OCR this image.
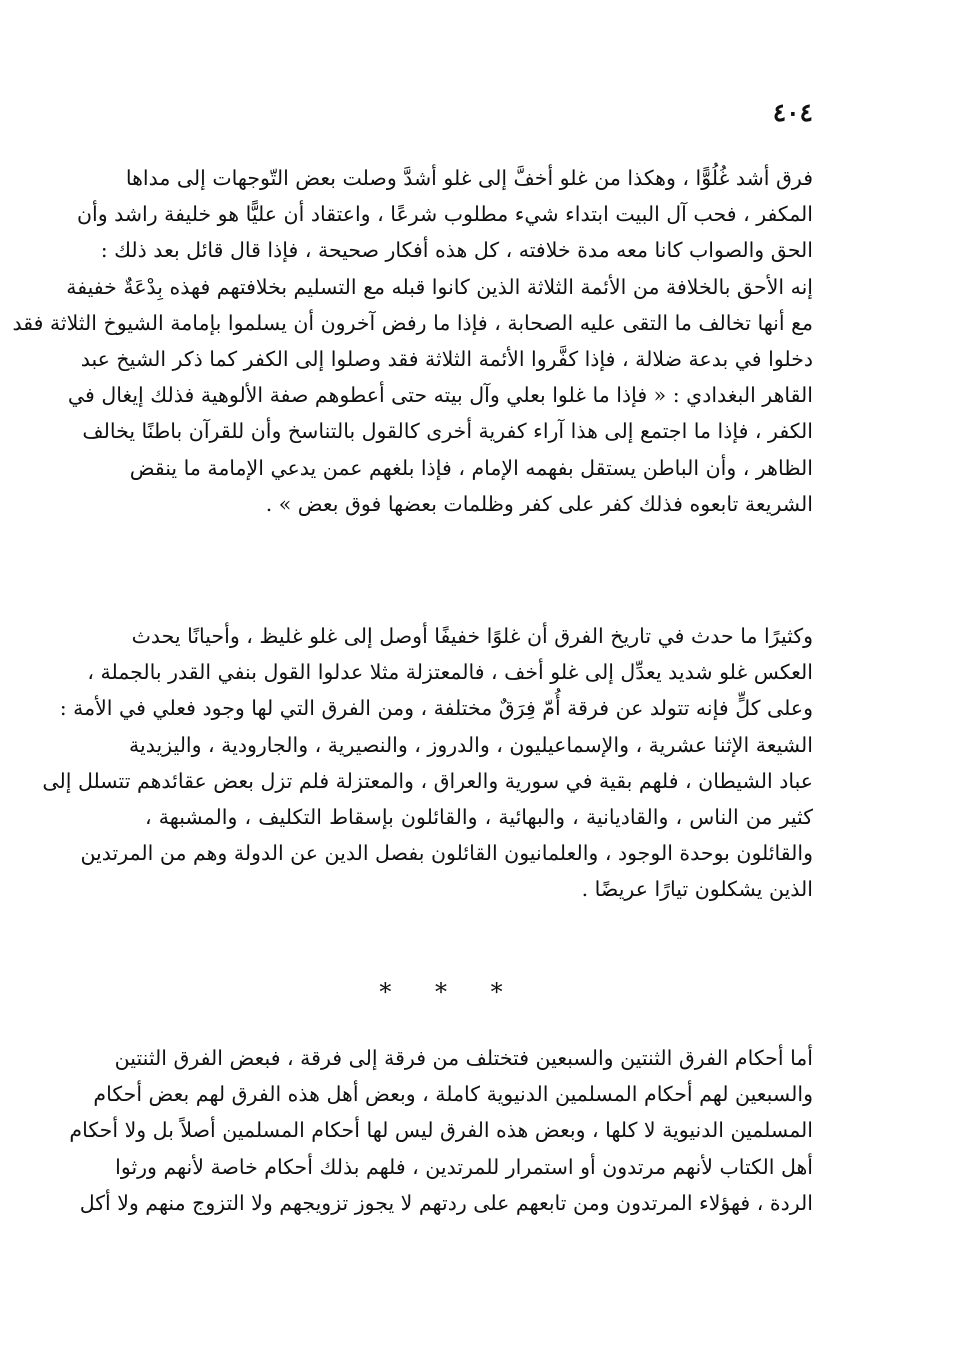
٤٠٤
فرق أشد غُلُوًّا ، وهكذا من غلو أخفَّ إلى غلو أشدَّ وصلت بعض التّوجهات إلى مداها
المكفر ، فحب آل البيت ابتداء شيء مطلوب شرعًا ، واعتقاد أن عليًّا هو خليفة راشد وأن
الحق والصواب كانا معه مدة خلافته ، كل هذه أفكار صحيحة ، فإذا قال قائل بعد ذلك :
إنه الأحق بالخلافة من الأئمة الثلاثة الذين كانوا قبله مع التسليم بخلافتهم فهذه بِدْعَةٌ خفيفة
مع أنها تخالف ما التقى عليه الصحابة ، فإذا ما رفض آخرون أن يسلموا بإمامة الشيوخ الثلاثة فقد
دخلوا في بدعة ضلالة ، فإذا كفَّروا الأئمة الثلاثة فقد وصلوا إلى الكفر كما ذكر الشيخ عبد
القاهر البغدادي : « فإذا ما غلوا بعلي وآل بيته حتى أعطوهم صفة الألوهية فذلك إيغال في
الكفر ، فإذا ما اجتمع إلى هذا آراء كفرية أخرى كالقول بالتناسخ وأن للقرآن باطنًا يخالف
الظاهر ، وأن الباطن يستقل بفهمه الإمام ، فإذا بلغهم عمن يدعي الإمامة ما ينقض
الشريعة تابعوه فذلك كفر على كفر وظلمات بعضها فوق بعض » .
وكثيرًا ما حدث في تاريخ الفرق أن غلوًا خفيفًا أوصل إلى غلو غليظ ، وأحيانًا يحدث
العكس غلو شديد يعدِّل إلى غلو أخف ، فالمعتزلة مثلا عدلوا القول بنفي القدر بالجملة ،
وعلى كلٍّ فإنه تتولد عن فرقة أُمّ فِرَقٌ مختلفة ، ومن الفرق التي لها وجود فعلي في الأمة :
الشيعة الإثنا عشرية ، والإسماعيليون ، والدروز ، والنصيرية ، والجارودية ، واليزيدية
عباد الشيطان ، فلهم بقية في سورية والعراق ، والمعتزلة فلم تزل بعض عقائدهم تتسلل إلى
كثير من الناس ، والقاديانية ، والبهائية ، والقائلون بإسقاط التكليف ، والمشبهة ،
والقائلون بوحدة الوجود ، والعلمانيون القائلون بفصل الدين عن الدولة وهم من المرتدين
الذين يشكلون تيارًا عريضًا .
* * *
أما أحكام الفرق الثنتين والسبعين فتختلف من فرقة إلى فرقة ، فبعض الفرق الثنتين
والسبعين لهم أحكام المسلمين الدنيوية كاملة ، وبعض أهل هذه الفرق لهم بعض أحكام
المسلمين الدنيوية لا كلها ، وبعض هذه الفرق ليس لها أحكام المسلمين أصلاً بل ولا أحكام
أهل الكتاب لأنهم مرتدون أو استمرار للمرتدين ، فلهم بذلك أحكام خاصة لأنهم ورثوا
الردة ، فهؤلاء المرتدون ومن تابعهم على ردتهم لا يجوز تزويجهم ولا التزوج منهم ولا أكل
